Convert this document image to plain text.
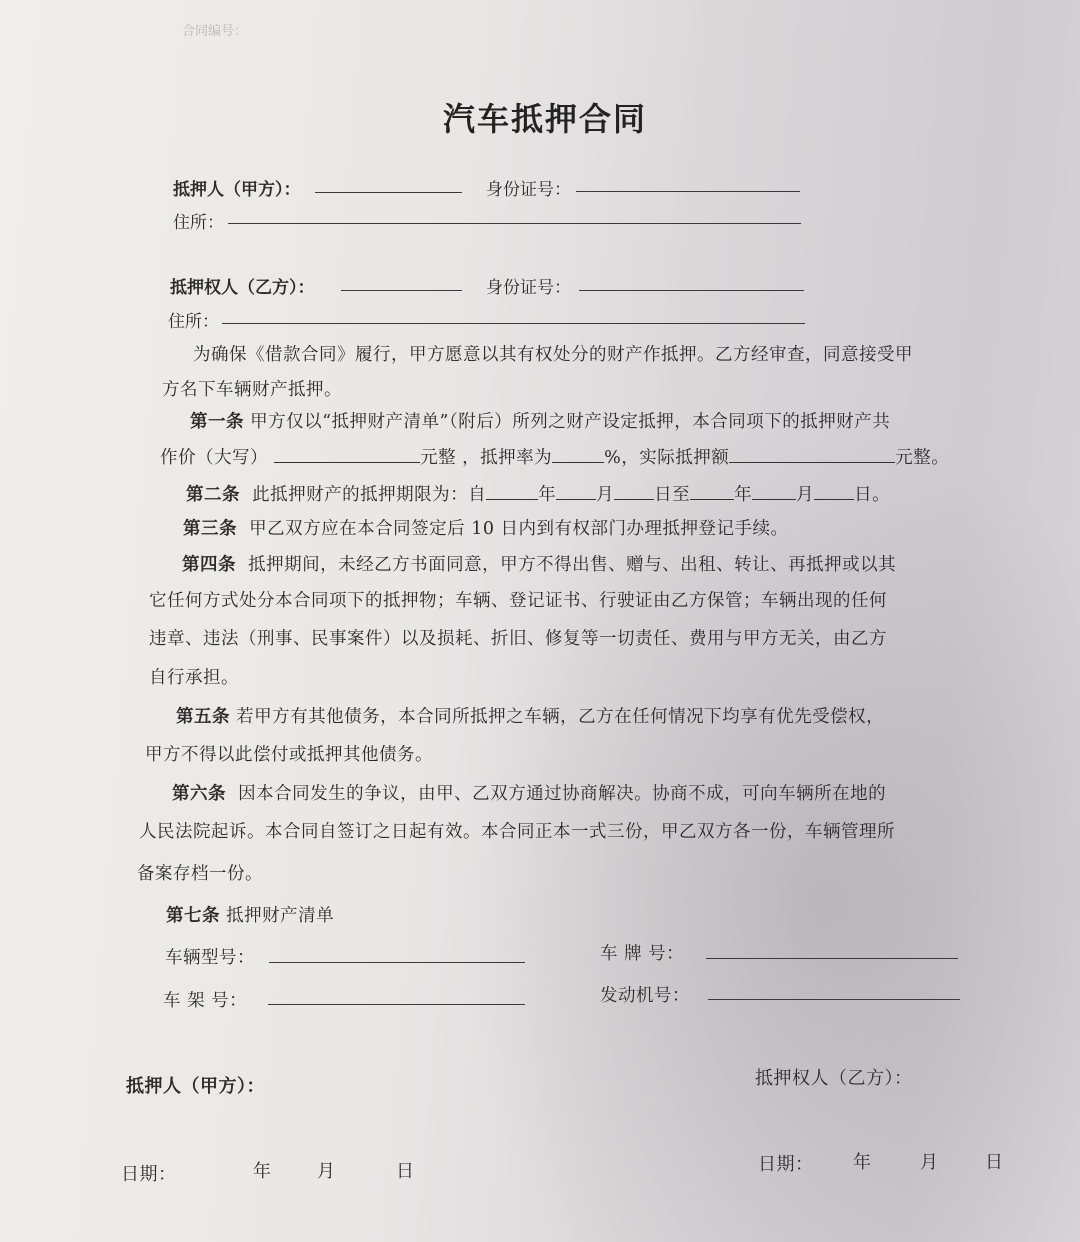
合同编号：
汽车抵押合同
抵押人（甲方）：	身份证号：
住所：
抵押权人（乙方）：	身份证号：
住所：
为确保《借款合同》履行，甲方愿意以其有权处分的财产作抵押。乙方经审查，同意接受甲
方名下车辆财产抵押。
第一条 甲方仅以“抵押财产清单”（附后）所列之财产设定抵押，本合同项下的抵押财产共
作价（大写）	元整 ，抵押率为	%，实际抵押额	元整。
第二条 此抵押财产的抵押期限为：自	年 月 日至	年	月 日。
第三条 甲乙双方应在本合同签定后 10 日内到有权部门办理抵押登记手续。
第四条 抵押期间，未经乙方书面同意，甲方不得出售、赠与、出租、转让、再抵押或以其
它任何方式处分本合同项下的抵押物；车辆、登记证书、行驶证由乙方保管；车辆出现的任何
违章、违法（刑事、民事案件）以及损耗、折旧、修复等一切责任、费用与甲方无关，由乙方
自行承担。
第五条 若甲方有其他债务，本合同所抵押之车辆，乙方在任何情况下均享有优先受偿权，
甲方不得以此偿付或抵押其他债务。
第六条 因本合同发生的争议，由甲、乙双方通过协商解决。协商不成，可向车辆所在地的
人民法院起诉。本合同自签订之日起有效。本合同正本一式三份，甲乙双方各一份，车辆管理所
备案存档一份。
第七条 抵押财产清单
车辆型号：	车 牌 号：
车 架 号：	发动机号：
抵押人（甲方）：	抵押权人（乙方）：
日期：	年	月	日	日期： 年	月	日
